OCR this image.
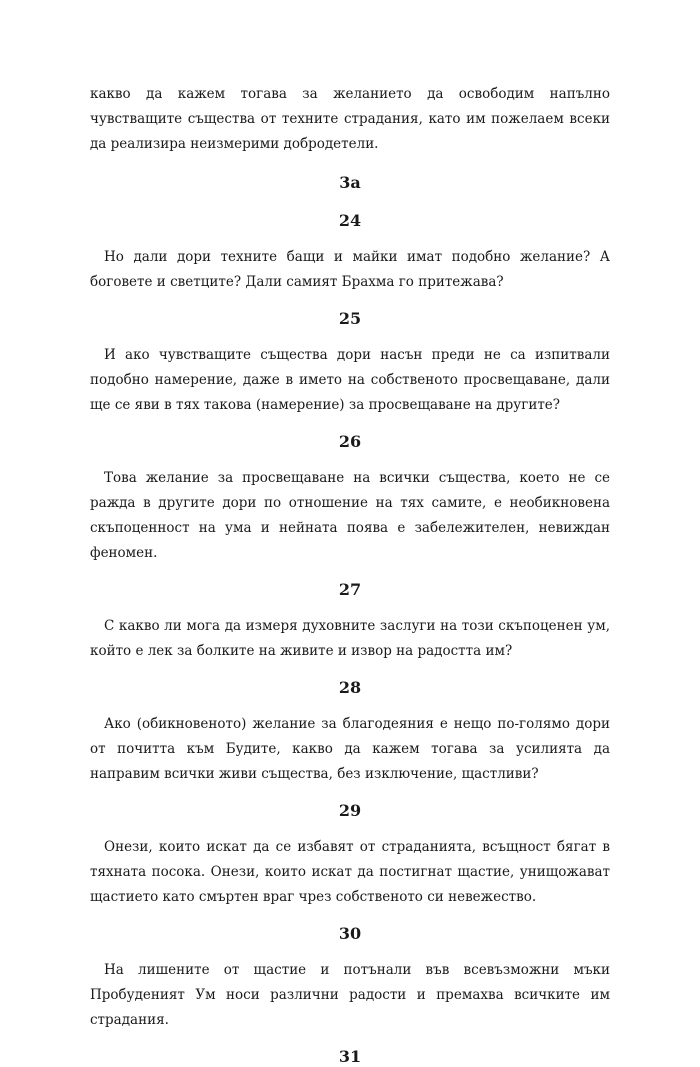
какво да кажем тогава за желанието да освободим напълно чувстващите същества от техните страдания, като им пожелаем всеки да реализира неизмерими добродетели.

3a
24

Но дали дори техните бащи и майки имат подобно желание? А боговете и светците? Дали самият Брахма го притежава?

25

И ако чувстващите същества дори насън преди не са изпитвали подобно намерение, даже в името на собственото просвещаване, дали ще се яви в тях такова (намерение) за просвещаване на другите?

26

Това желание за просвещаване на всички същества, което не се ражда в другите дори по отношение на тях самите, е необикновена скъпоценност на ума и нейната поява е забележителен, невиждан феномен.

27

С какво ли мога да измеря духовните заслуги на този скъпоценен ум, който е лек за болките на живите и извор на радостта им?

28

Ако (обикновеното) желание за благодеяния е нещо по-голямо дори от почитта към Будите, какво да кажем тогава за усилията да направим всички живи същества, без изключение, щастливи?

29

Онези, които искат да се избавят от страданията, всъщност бягат в тяхната посока. Онези, които искат да постигнат щастие, унищожават щастието като смъртен враг чрез собственото си невежество.

30

На лишените от щастие и потънали във всевъзможни мъки Пробуденият Ум носи различни радости и премахва всичките им страдания.

31
